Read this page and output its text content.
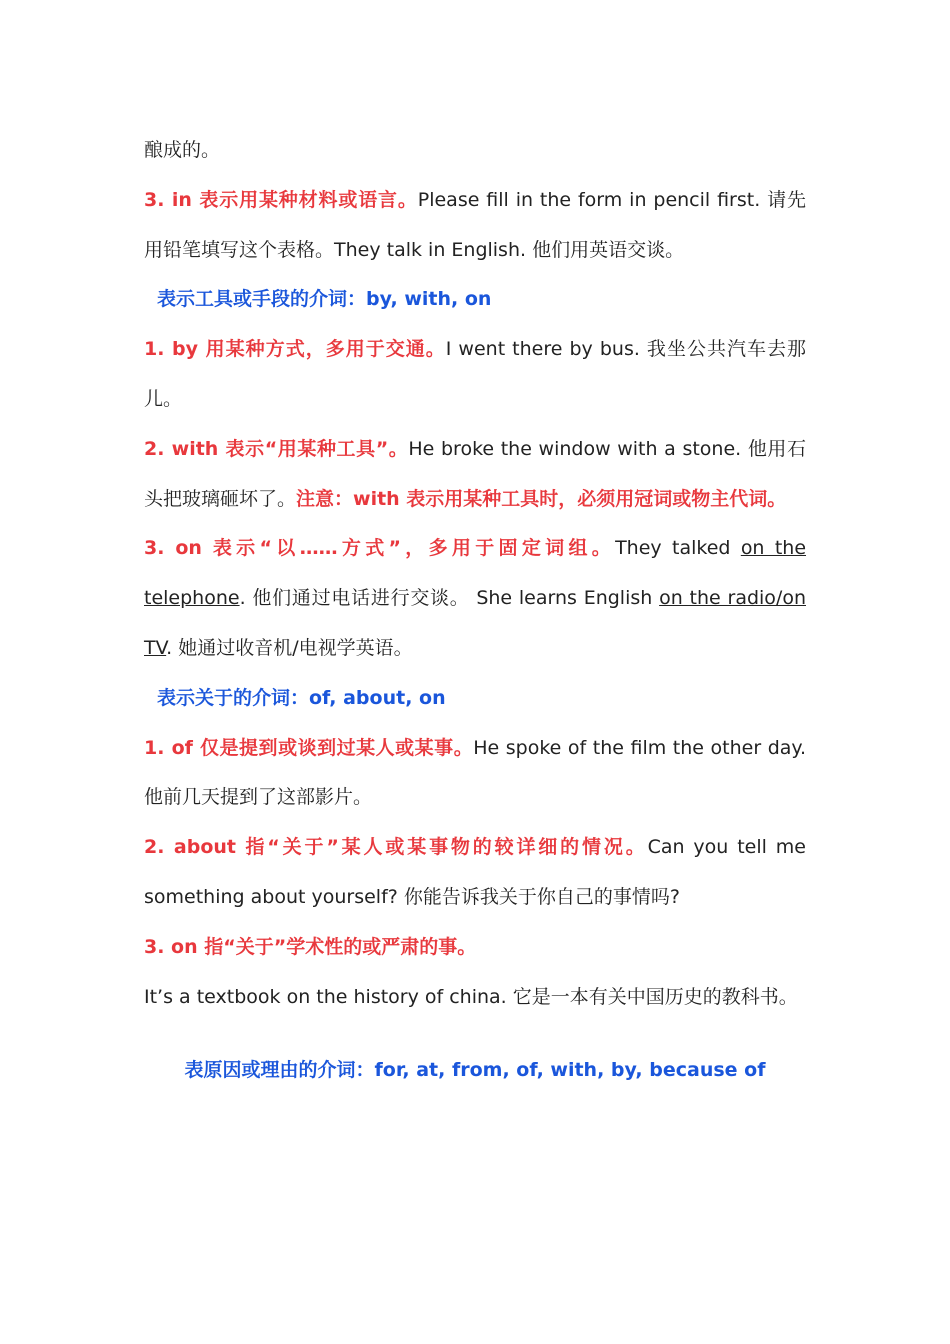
酿成的。

3. in 表示用某种材料或语言。Please fill in the form in pencil first. 请先用铅笔填写这个表格。They talk in English. 他们用英语交谈。

表示工具或手段的介词：by, with, on

1. by 用某种方式，多用于交通。I went there by bus. 我坐公共汽车去那儿。

2. with 表示“用某种工具”。He broke the window with a stone. 他用石头把玻璃砸坏了。注意：with 表示用某种工具时，必须用冠词或物主代词。

3. on 表示“以……方式”，多用于固定词组。They talked on the telephone. 他们通过电话进行交谈。 She learns English on the radio/on TV. 她通过收音机/电视学英语。

表示关于的介词：of, about, on

1. of 仅是提到或谈到过某人或某事。He spoke of the film the other day. 他前几天提到了这部影片。

2. about 指“关于”某人或某事物的较详细的情况。Can you tell me something about yourself? 你能告诉我关于你自己的事情吗?

3. on 指“关于”学术性的或严肃的事。

It’s a textbook on the history of china. 它是一本有关中国历史的教科书。

表原因或理由的介词：for, at, from, of, with, by, because of
